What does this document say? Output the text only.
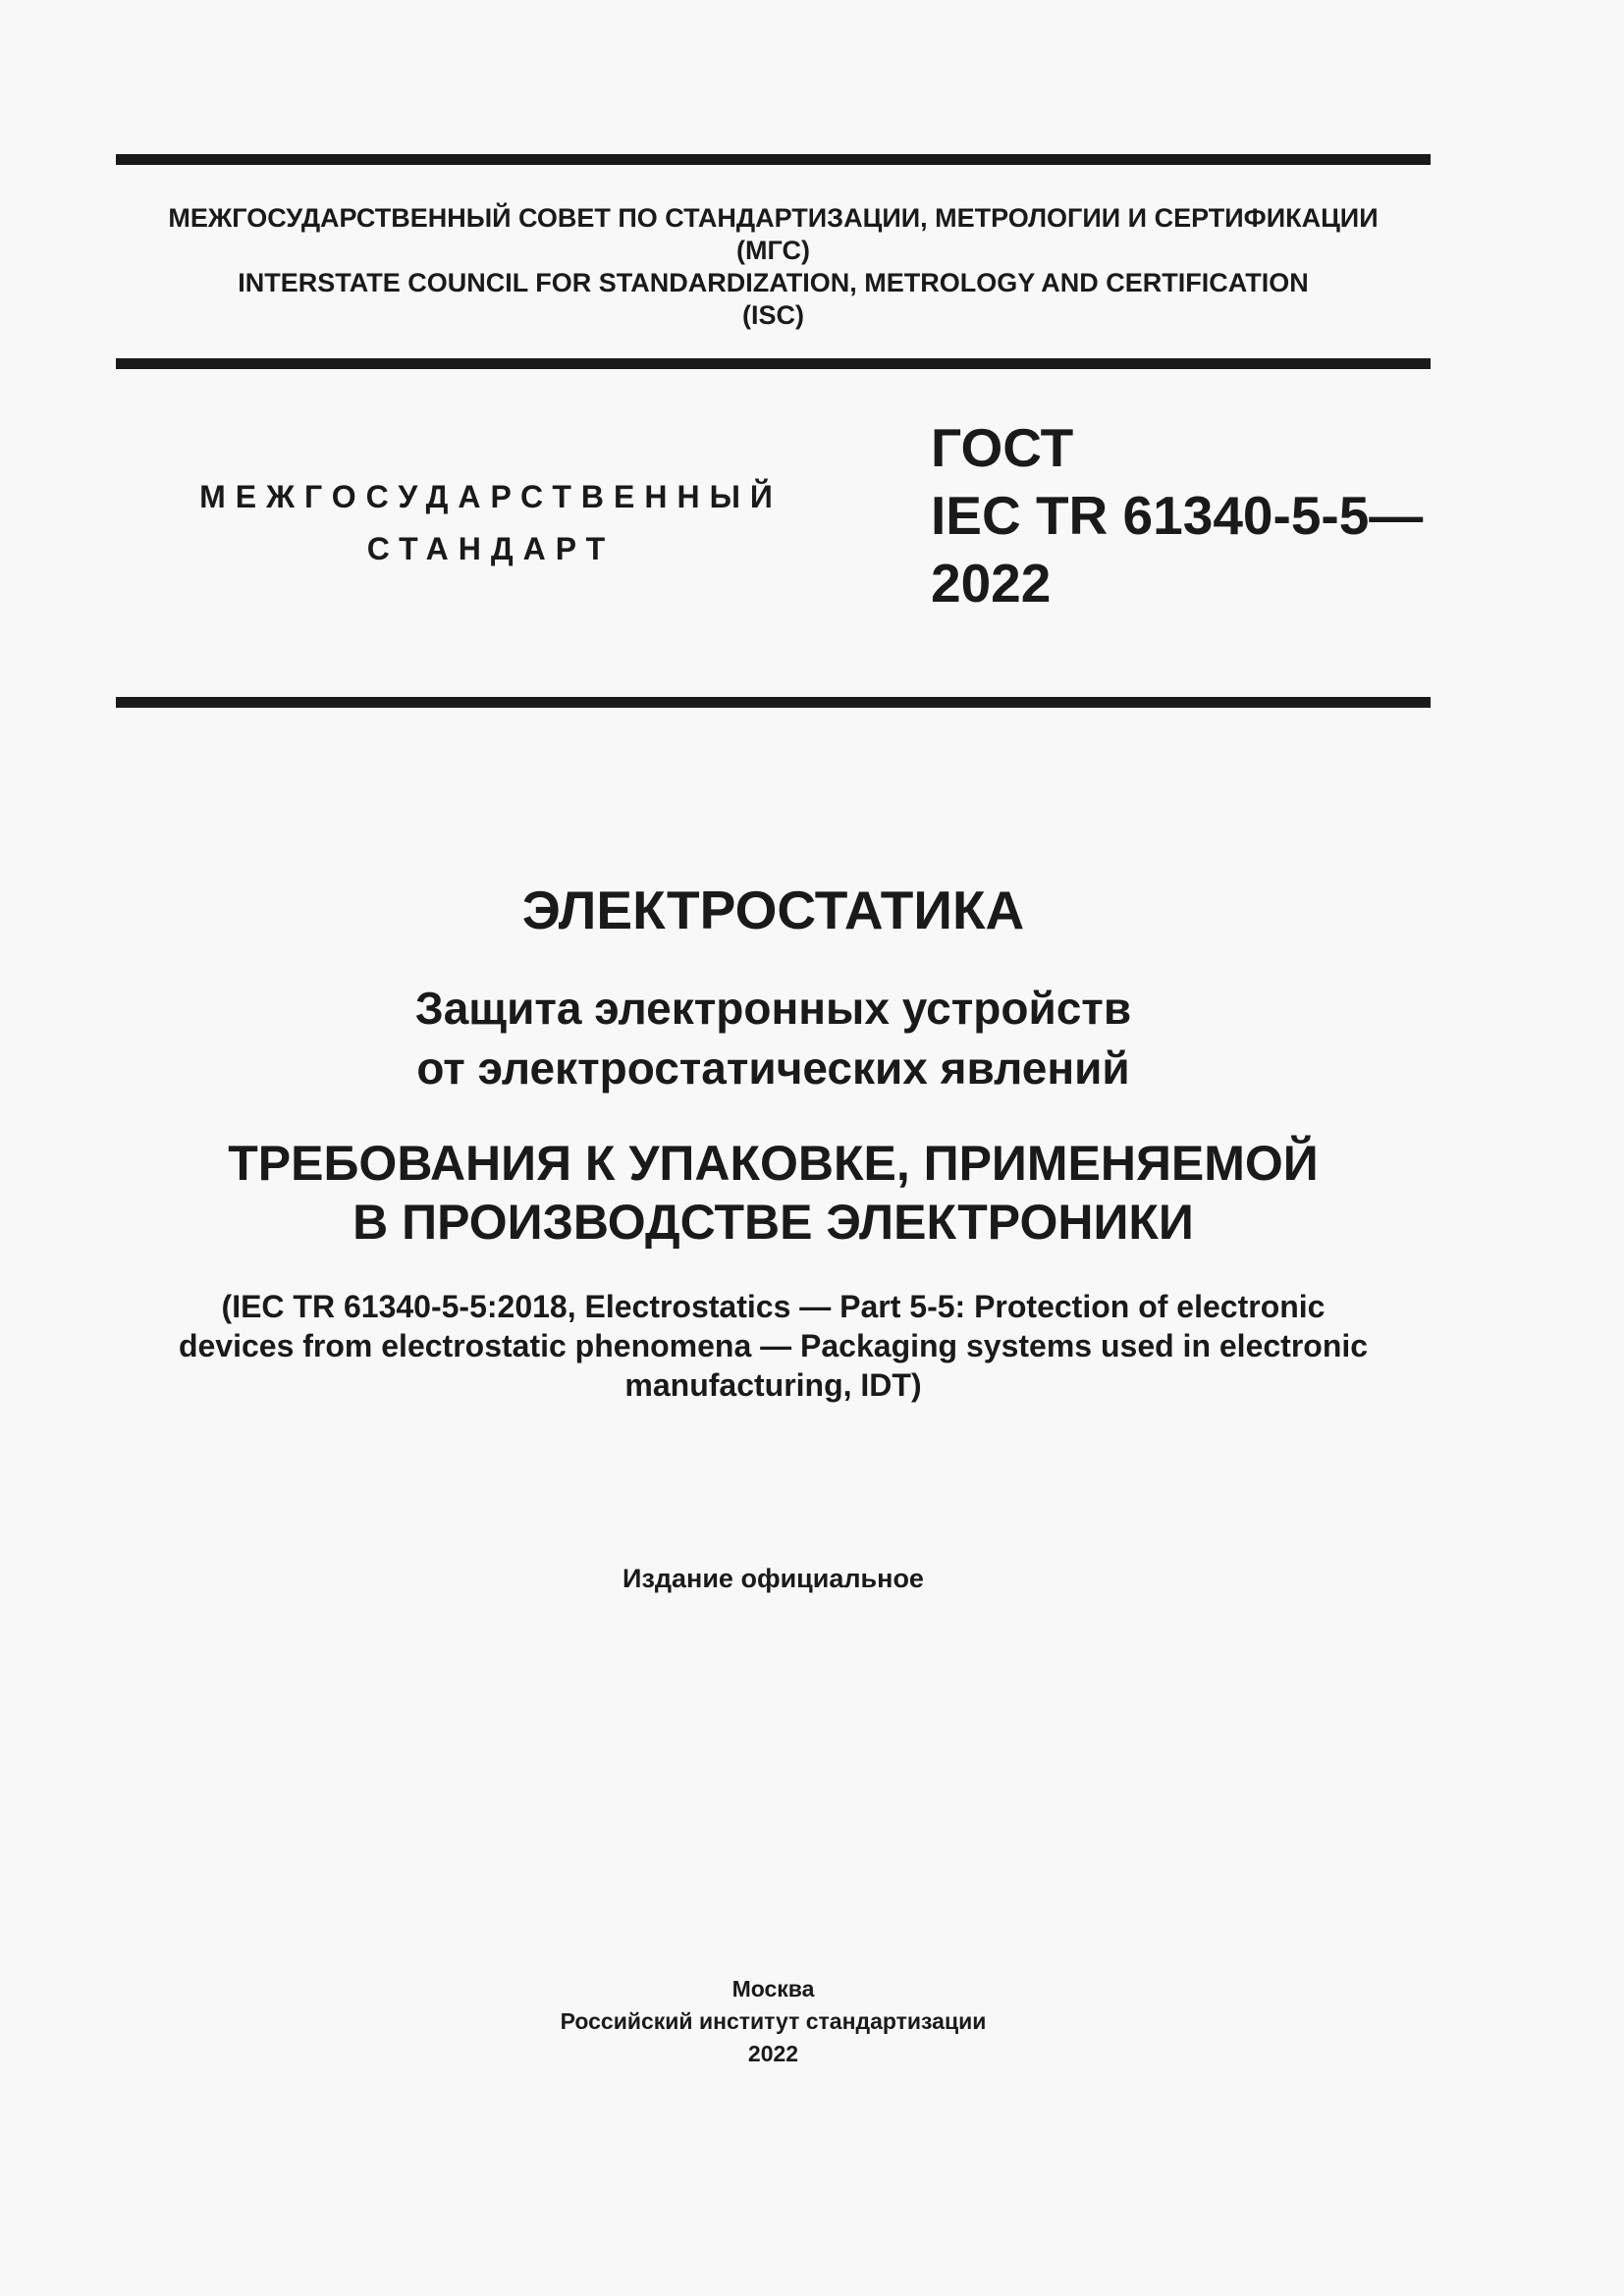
МЕЖГОСУДАРСТВЕННЫЙ СОВЕТ ПО СТАНДАРТИЗАЦИИ, МЕТРОЛОГИИ И СЕРТИФИКАЦИИ
(МГС)
INTERSTATE COUNCIL FOR STANDARDIZATION, METROLOGY AND CERTIFICATION
(ISC)
МЕЖГОСУДАРСТВЕННЫЙ
СТАНДАРТ
ГОСТ
IEC TR 61340-5-5—
2022
ЭЛЕКТРОСТАТИКА
Защита электронных устройств
от электростатических явлений
ТРЕБОВАНИЯ К УПАКОВКЕ, ПРИМЕНЯЕМОЙ
В ПРОИЗВОДСТВЕ ЭЛЕКТРОНИКИ
(IEC TR 61340-5-5:2018, Electrostatics — Part 5-5: Protection of electronic
devices from electrostatic phenomena — Packaging systems used in electronic
manufacturing, IDT)
Издание официальное
Москва
Российский институт стандартизации
2022
